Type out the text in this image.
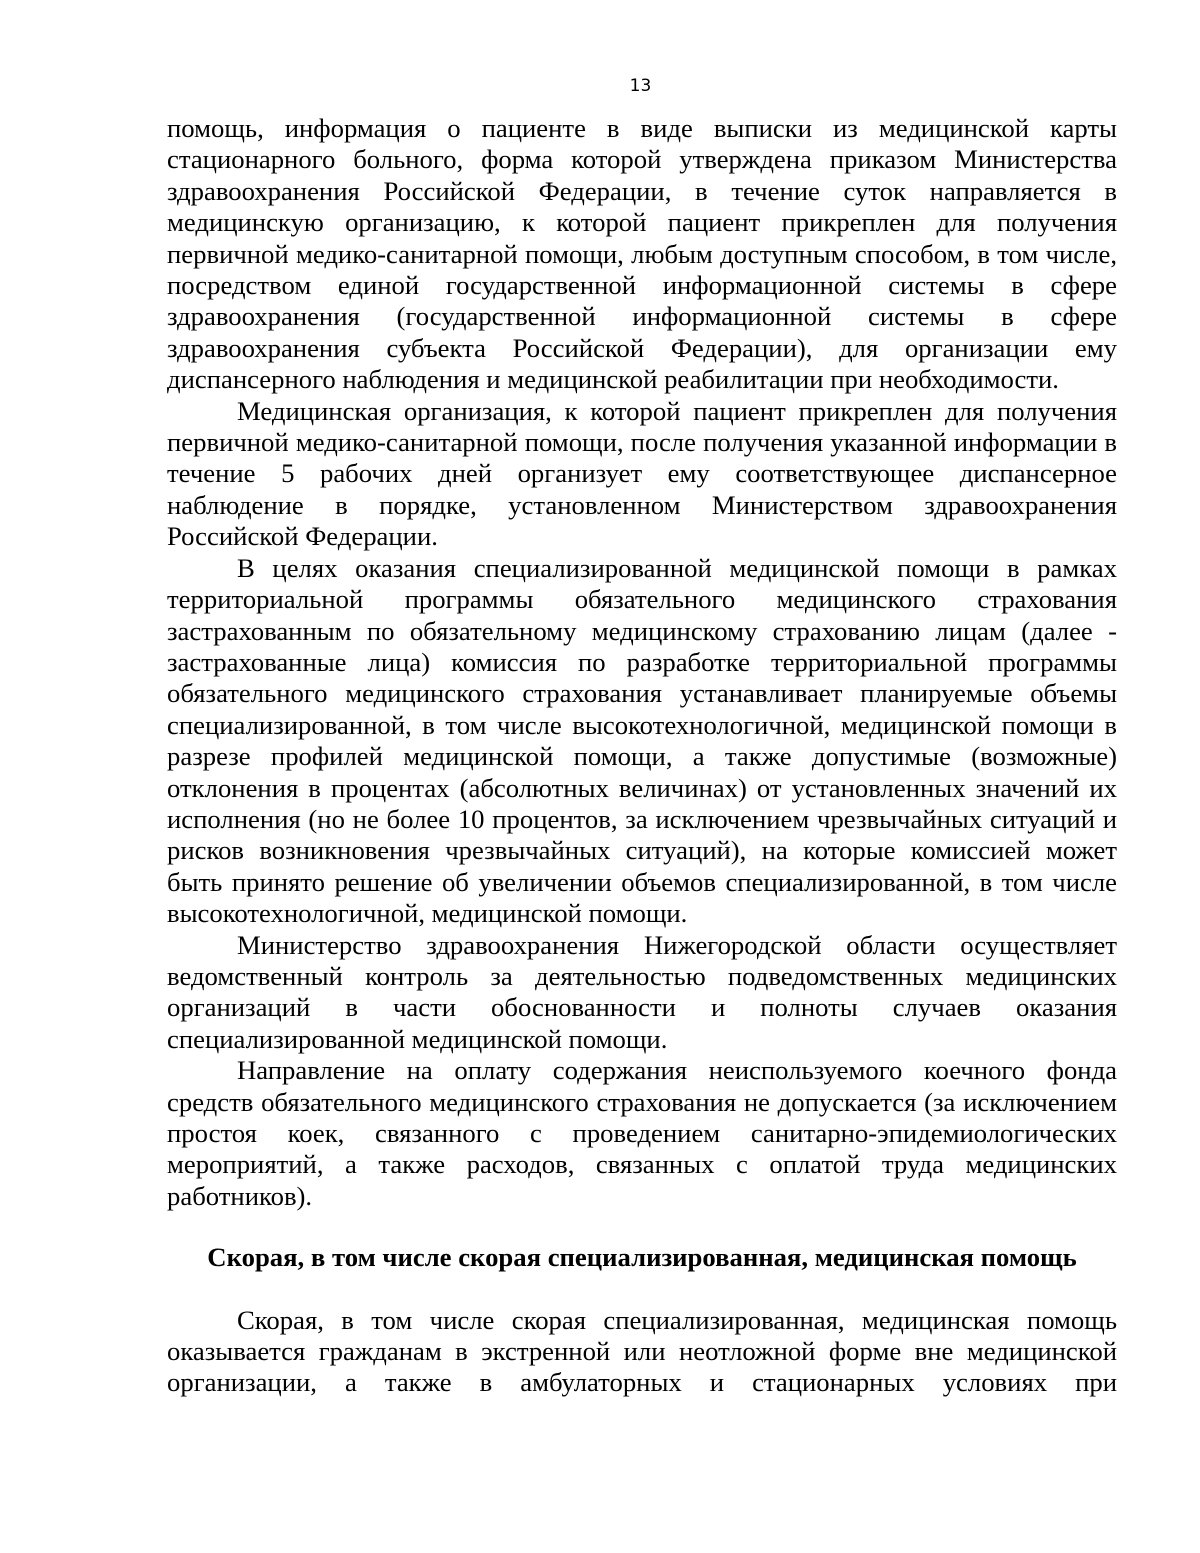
13

помощь, информация о пациенте в виде выписки из медицинской карты стационарного больного, форма которой утверждена приказом Министерства здравоохранения Российской Федерации, в течение суток направляется в медицинскую организацию, к которой пациент прикреплен для получения первичной медико-санитарной помощи, любым доступным способом, в том числе, посредством единой государственной информационной системы в сфере здравоохранения (государственной информационной системы в сфере здравоохранения субъекта Российской Федерации), для организации ему диспансерного наблюдения и медицинской реабилитации при необходимости.

Медицинская организация, к которой пациент прикреплен для получения первичной медико-санитарной помощи, после получения указанной информации в течение 5 рабочих дней организует ему соответствующее диспансерное наблюдение в порядке, установленном Министерством здравоохранения Российской Федерации.

В целях оказания специализированной медицинской помощи в рамках территориальной программы обязательного медицинского страхования застрахованным по обязательному медицинскому страхованию лицам (далее - застрахованные лица) комиссия по разработке территориальной программы обязательного медицинского страхования устанавливает планируемые объемы специализированной, в том числе высокотехнологичной, медицинской помощи в разрезе профилей медицинской помощи, а также допустимые (возможные) отклонения в процентах (абсолютных величинах) от установленных значений их исполнения (но не более 10 процентов, за исключением чрезвычайных ситуаций и рисков возникновения чрезвычайных ситуаций), на которые комиссией может быть принято решение об увеличении объемов специализированной, в том числе высокотехнологичной, медицинской помощи.

Министерство здравоохранения Нижегородской области осуществляет ведомственный контроль за деятельностью подведомственных медицинских организаций в части обоснованности и полноты случаев оказания специализированной медицинской помощи.

Направление на оплату содержания неиспользуемого коечного фонда средств обязательного медицинского страхования не допускается (за исключением простоя коек, связанного с проведением санитарно-эпидемиологических мероприятий, а также расходов, связанных с оплатой труда медицинских работников).

Скорая, в том числе скорая специализированная, медицинская помощь

Скорая, в том числе скорая специализированная, медицинская помощь оказывается гражданам в экстренной или неотложной форме вне медицинской организации, а также в амбулаторных и стационарных условиях при
